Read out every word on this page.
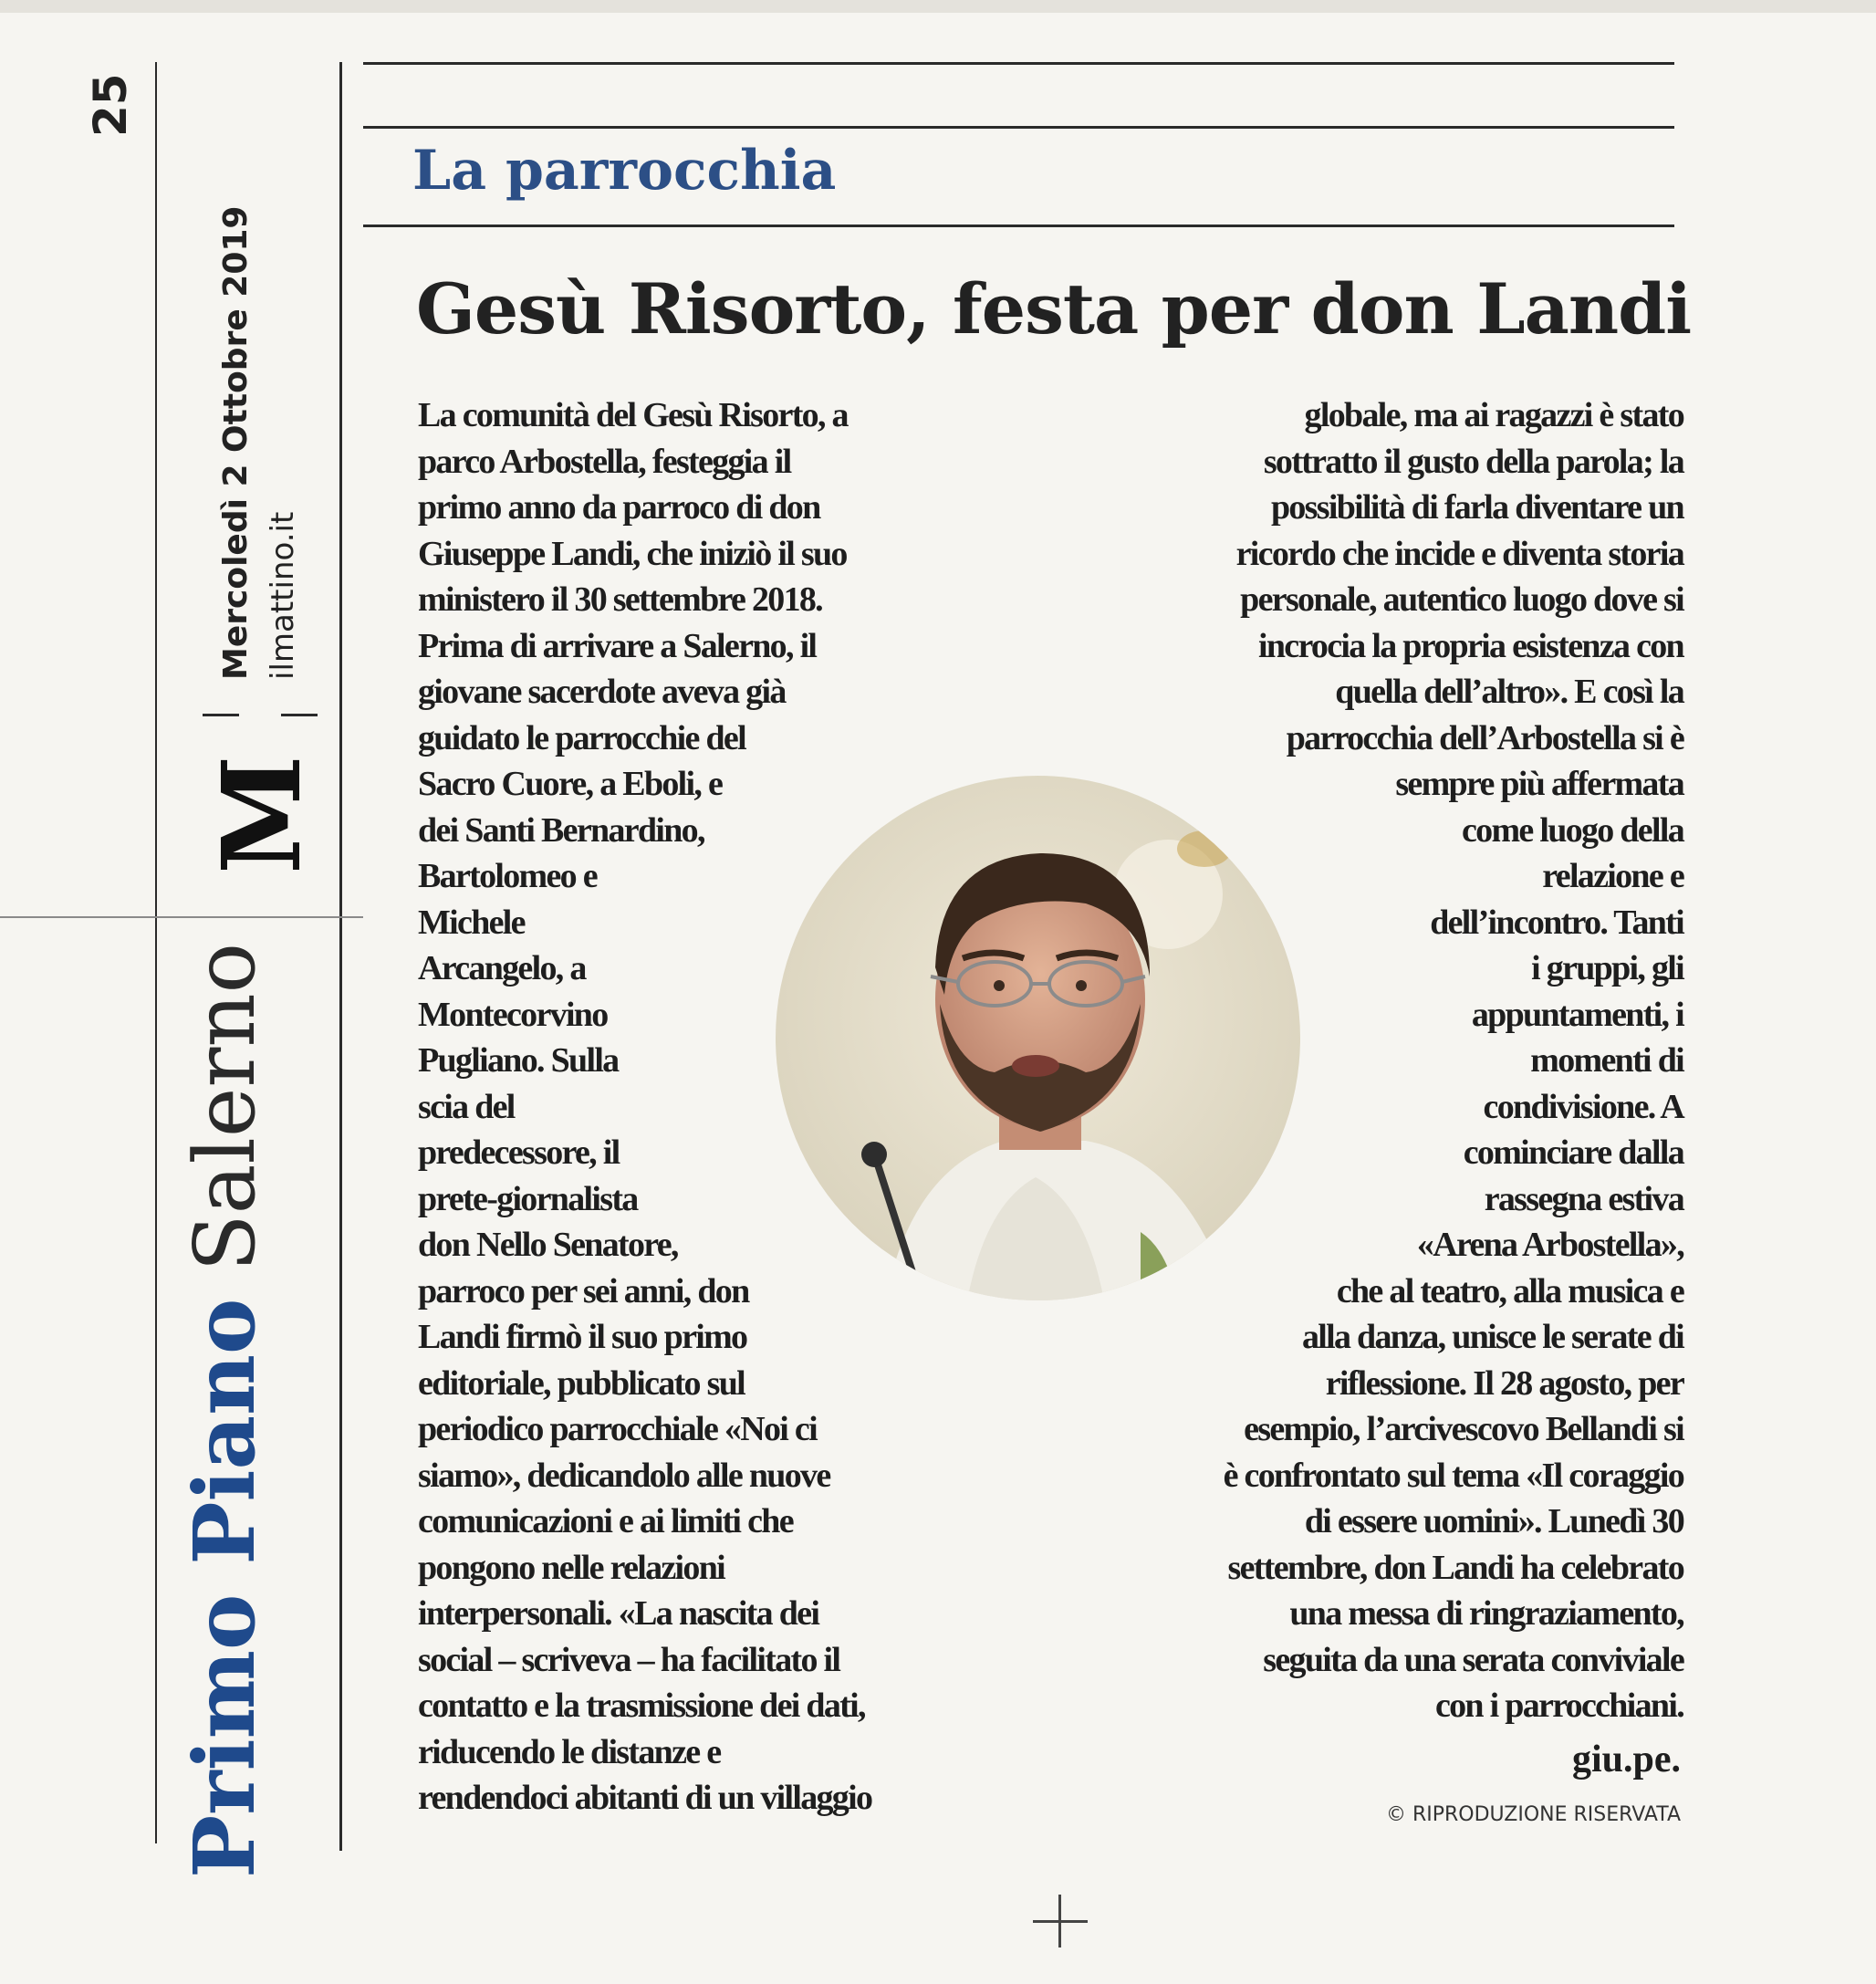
25
Mercoledì 2 Ottobre 2019 ilmattino.it
M
Primo Piano Salerno
La parrocchia
Gesù Risorto, festa per don Landi
La comunità del Gesù Risorto, a
parco Arbostella, festeggia il
primo anno da parroco di don
Giuseppe Landi, che iniziò il suo
ministero il 30 settembre 2018.
Prima di arrivare a Salerno, il
giovane sacerdote aveva già
guidato le parrocchie del
Sacro Cuore, a Eboli, e
dei Santi Bernardino,
Bartolomeo e
Michele
Arcangelo, a
Montecorvino
Pugliano. Sulla
scia del
predecessore, il
prete-giornalista
don Nello Senatore,
parroco per sei anni, don
Landi firmò il suo primo
editoriale, pubblicato sul
periodico parrocchiale «Noi ci
siamo», dedicandolo alle nuove
comunicazioni e ai limiti che
pongono nelle relazioni
interpersonali. «La nascita dei
social – scriveva – ha facilitato il
contatto e la trasmissione dei dati,
riducendo le distanze e
rendendoci abitanti di un villaggio
globale, ma ai ragazzi è stato
sottratto il gusto della parola; la
possibilità di farla diventare un
ricordo che incide e diventa storia
personale, autentico luogo dove si
incrocia la propria esistenza con
quella dell’altro». E così la
parrocchia dell’Arbostella si è
sempre più affermata
come luogo della
relazione e
dell’incontro. Tanti
i gruppi, gli
appuntamenti, i
momenti di
condivisione. A
cominciare dalla
rassegna estiva
«Arena Arbostella»,
che al teatro, alla musica e
alla danza, unisce le serate di
riflessione. Il 28 agosto, per
esempio, l’arcivescovo Bellandi si
è confrontato sul tema «Il coraggio
di essere uomini». Lunedì 30
settembre, don Landi ha celebrato
una messa di ringraziamento,
seguita da una serata conviviale
con i parrocchiani.
giu.pe.
© RIPRODUZIONE RISERVATA
